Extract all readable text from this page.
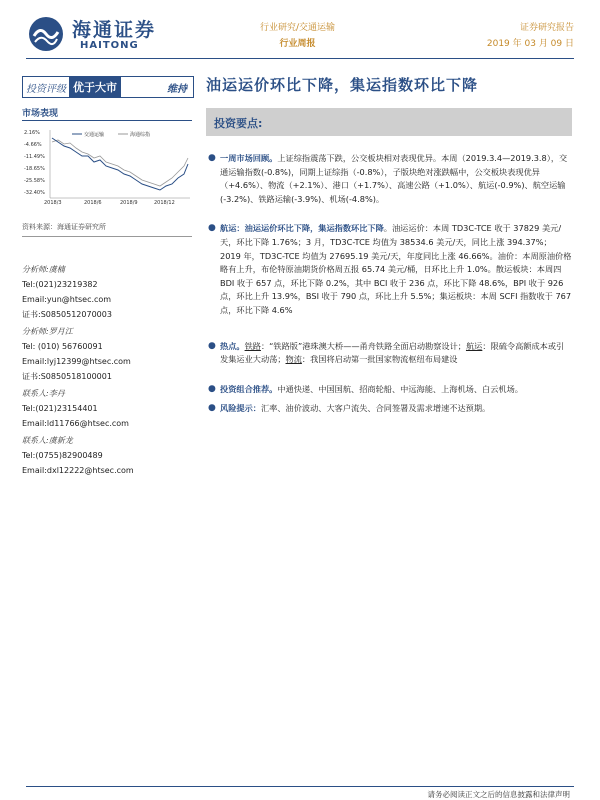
海通证券
HAITONG
行业研究/交通运输
行业周报
证券研究报告
2019 年 03 月 09 日
投资评级 优于大市	维持	油运运价环比下降，集运指数环比下降
市场表现
2.16%
-4.66%
-11.49%
-18.65%
-25.58%
-32.40%
2018/3	2018/6	2018/9	2018/12
交通运输	海通综指
资料来源：海通证券研究所
分析师:虞楠
Tel:(021)23219382
Email:yun@htsec.com
证书:S0850512070003
分析师:罗月江
Tel: (010) 56760091
Email:lyj12399@htsec.com
证书:S0850518100001
联系人:李丹
Tel:(021)23154401
Email:ld11766@htsec.com
联系人:虞新龙
Tel:(0755)82900489
Email:dxl12222@htsec.com
投资要点:
● 一周市场回顾。上证综指震荡下跌，公交板块相对表现优异。本周（2019.3.4—2019.3.8），交通运输指数(-0.8%)，同期上证综指（-0.8%），子版块绝对涨跌幅中，公交板块表现优异（+4.6%）、物流（+2.1%）、港口（+1.7%）、高速公路（+1.0%）、航运(-0.9%)、航空运输(-3.2%)、铁路运输(-3.9%)、机场(-4.8%)。
● 航运：油运运价环比下降，集运指数环比下降。油运运价：本周 TD3C-TCE 收于 37829 美元/天，环比下降 1.76%；3 月，TD3C-TCE 均值为 38534.6 美元/天，同比上涨 394.37%；2019 年，TD3C-TCE 均值为 27695.19 美元/天，年度同比上涨 46.66%。油价：本周原油价格略有上升，布伦特原油期货价格周五报 65.74 美元/桶，日环比上升 1.0%。散运板块：本周四 BDI 收于 657 点，环比下降 0.2%，其中 BCI 收于 236 点，环比下降 48.6%，BPI 收于 926 点，环比上升 13.9%，BSI 收于 790 点，环比上升 5.5%；集运板块：本周 SCFI 指数收于 767 点，环比下降 4.6%
● 热点。铁路：“铁路版”港珠澳大桥——甬舟铁路全面启动勘察设计；航运：限硫令高额成本或引发集运业大动荡；物流：我国将启动第一批国家物流枢纽布局建设
● 投资组合推荐。中通快递、中国国航、招商轮船、中远海能、上海机场、白云机场。
● 风险提示：汇率、油价波动、大客户流失、合同签署及需求增速不达预期。
请务必阅读正文之后的信息披露和法律声明
